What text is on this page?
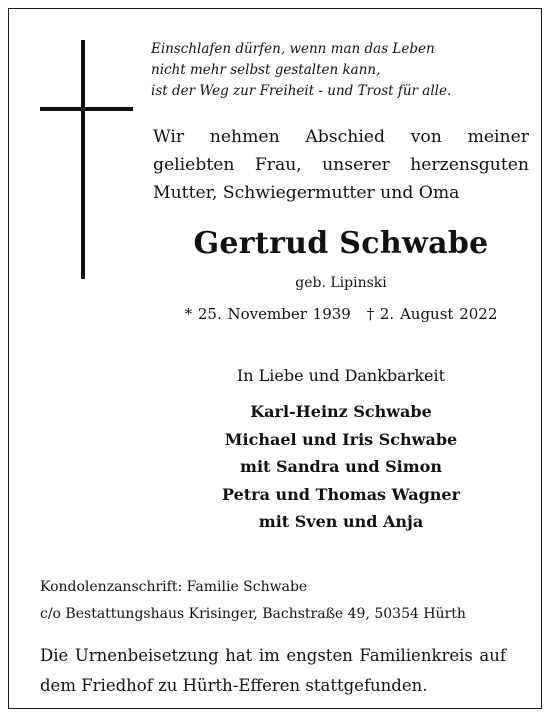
Einschlafen dürfen, wenn man das Leben
nicht mehr selbst gestalten kann,
ist der Weg zur Freiheit - und Trost für alle.
Wir nehmen Abschied von meiner geliebten Frau, unserer herzensguten Mutter, Schwiegermutter und Oma
Gertrud Schwabe
geb. Lipinski
* 25. November 1939 † 2. August 2022
In Liebe und Dankbarkeit
Karl-Heinz Schwabe
Michael und Iris Schwabe
mit Sandra und Simon
Petra und Thomas Wagner
mit Sven und Anja
Kondolenzanschrift: Familie Schwabe
c/o Bestattungshaus Krisinger, Bachstraße 49, 50354 Hürth
Die Urnenbeisetzung hat im engsten Familienkreis auf dem Friedhof zu Hürth-Efferen stattgefunden.
